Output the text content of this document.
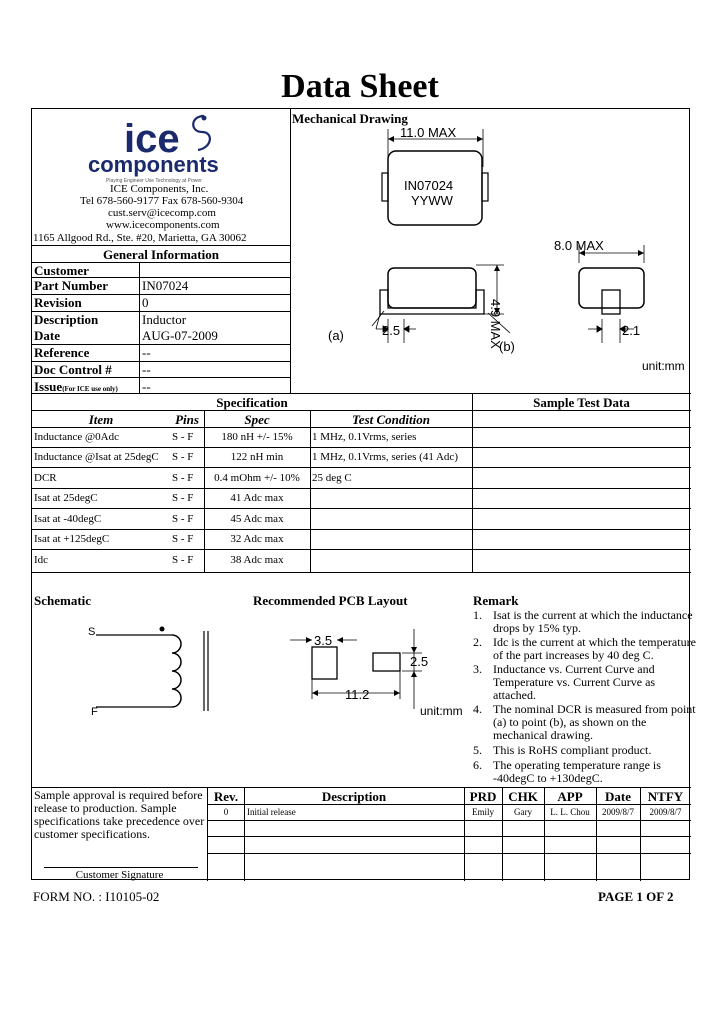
Data Sheet
ice
components
Playing Engineer Use Technology at Power
ICE Components, Inc.
Tel 678-560-9177 Fax 678-560-9304
cust.serv@icecomp.com
www.icecomponents.com
1165 Allgood Rd., Ste. #20, Marietta, GA 30062
General Information
Customer
Part Number	IN07024
Revision	0
Description	Inductor
Date	AUG-07-2009
Reference	--
Doc Control # --
Issue(For ICE use only) --
Mechanical Drawing
11.0 MAX
IN07024
YYWW
8.0 MAX
4.9 MAX
2.5	2.1
(a)
(b)
unit:mm
Specification	Sample Test Data
Item	Pins	Spec	Test Condition
Inductance @0Adc	S - F	180 nH +/- 15%	1 MHz, 0.1Vrms, series
Inductance @Isat at 25degC S - F	122 nH min	1 MHz, 0.1Vrms, series (41 Adc)
DCR	S - F	0.4 mOhm +/- 10%	25 deg C
Isat at 25degC	S - F	41 Adc max
Isat at -40degC	S - F	45 Adc max
Isat at +125degC	S - F	32 Adc max
Idc	S - F	38 Adc max
Schematic
S
F
Recommended PCB Layout
3.5
2.5
11.2
unit:mm
Remark
1. Isat is the current at which the inductance
drops by 15% typ.
2. Idc is the current at which the temperature
of the part increases by 40 deg C.
3. Inductance vs. Current Curve and
Temperature vs. Current Curve as
attached.
4. The nominal DCR is measured from point
(a) to point (b), as shown on the
mechanical drawing.
5. This is RoHS compliant product.
6. The operating temperature range is
-40degC to +130degC.
Sample approval is required before
release to production. Sample
specifications take precedence over
customer specifications.
Customer Signature
Rev.	Description	PRD CHK	APP	Date	NTFY
0	Initial release	Emily	Gary	L. L. Chou	2009/8/7	2009/8/7
FORM NO. : I10105-02	PAGE 1 OF 2
